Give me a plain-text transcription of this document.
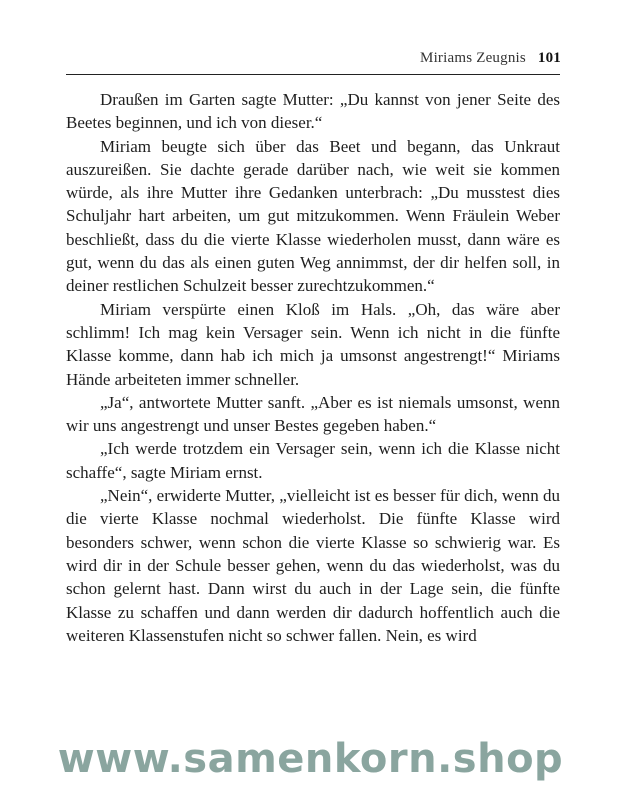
Miriams Zeugnis 101

Draußen im Garten sagte Mutter: „Du kannst von jener Seite des Beetes beginnen, und ich von dieser.“

Miriam beugte sich über das Beet und begann, das Unkraut auszureißen. Sie dachte gerade darüber nach, wie weit sie kommen würde, als ihre Mutter ihre Gedanken unterbrach: „Du musstest dies Schuljahr hart arbeiten, um gut mitzukommen. Wenn Fräulein Weber beschließt, dass du die vierte Klasse wiederholen musst, dann wäre es gut, wenn du das als einen guten Weg annimmst, der dir helfen soll, in deiner restlichen Schulzeit besser zurechtzukommen.“

Miriam verspürte einen Kloß im Hals. „Oh, das wäre aber schlimm! Ich mag kein Versager sein. Wenn ich nicht in die fünfte Klasse komme, dann hab ich mich ja umsonst angestrengt!“ Miriams Hände arbeiteten immer schneller.

„Ja“, antwortete Mutter sanft. „Aber es ist niemals umsonst, wenn wir uns angestrengt und unser Bestes gegeben haben.“

„Ich werde trotzdem ein Versager sein, wenn ich die Klasse nicht schaffe“, sagte Miriam ernst.

„Nein“, erwiderte Mutter, „vielleicht ist es besser für dich, wenn du die vierte Klasse nochmal wiederholst. Die fünfte Klasse wird besonders schwer, wenn schon die vierte Klasse so schwierig war. Es wird dir in der Schule besser gehen, wenn du das wiederholst, was du schon gelernt hast. Dann wirst du auch in der Lage sein, die fünfte Klasse zu schaffen und dann werden dir dadurch hoffentlich auch die weiteren Klassenstufen nicht so schwer fallen. Nein, es wird

www.samenkorn.shop
